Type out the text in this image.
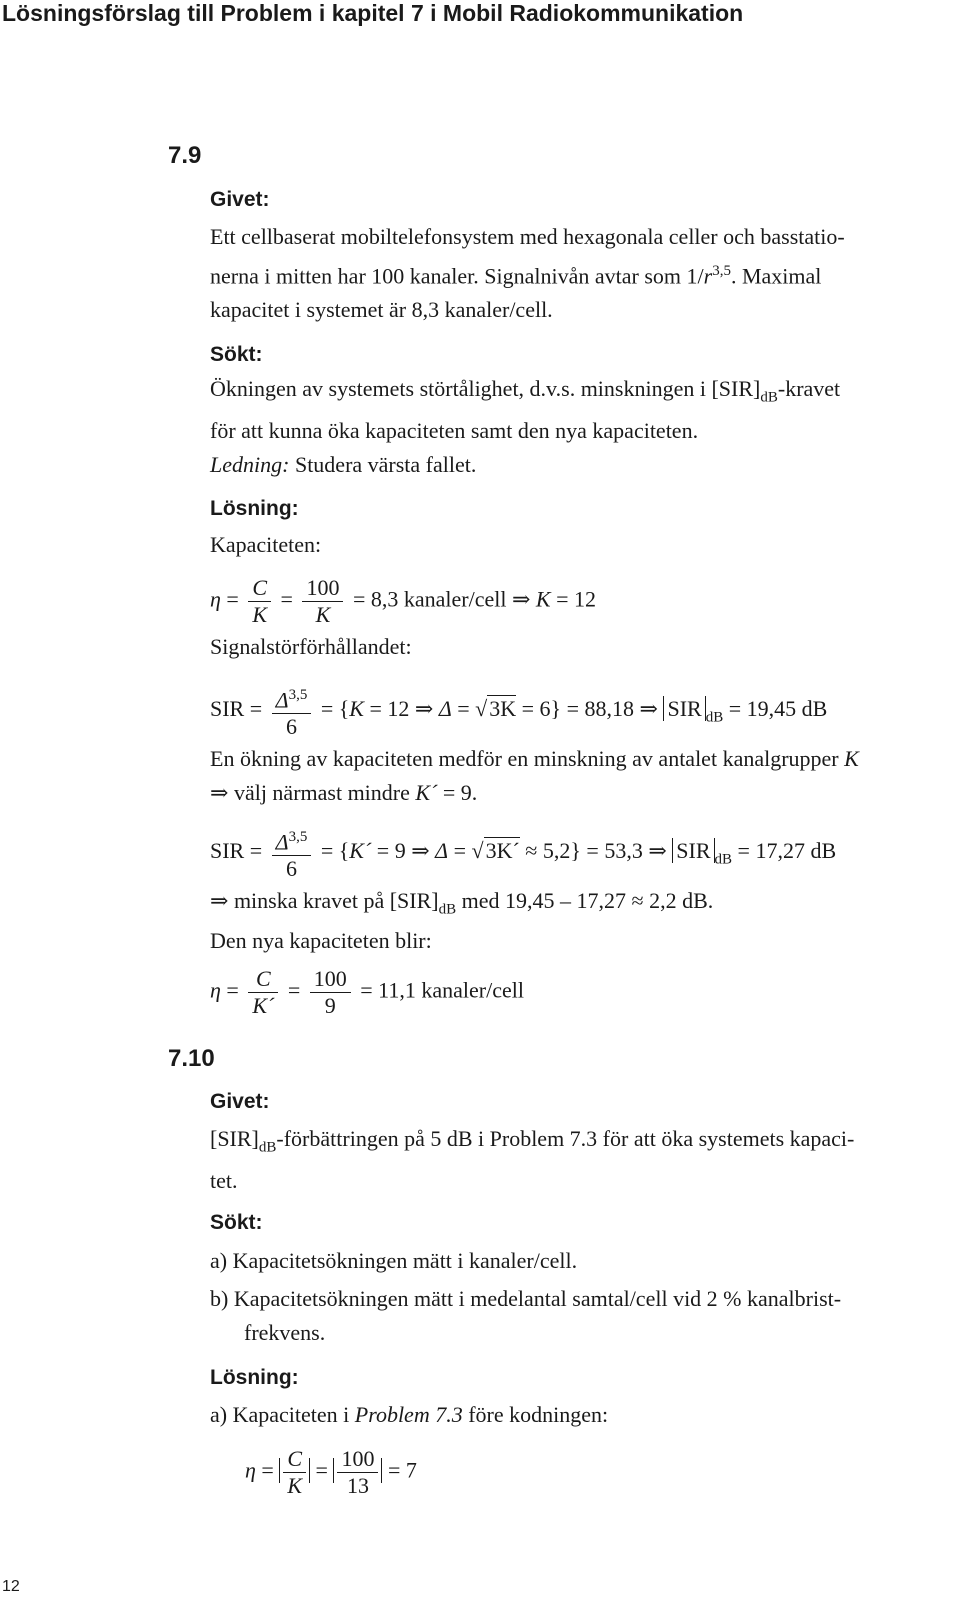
Lösningsförslag till Problem i kapitel 7 i Mobil Radiokommunikation
7.9
Givet:
Ett cellbaserat mobiltelefonsystem med hexagonala celler och basstatio-
nerna i mitten har 100 kanaler. Signalnivån avtar som $1/r^{3,5}$. Maximal
kapacitet i systemet är 8,3 kanaler/cell.
Sökt:
Ökningen av systemets störtålighet, d.v.s. minskningen i $[SIR]_{dB}$-kravet
för att kunna öka kapaciteten samt den nya kapaciteten.
Ledning: Studera värsta fallet.
Lösning:
Kapaciteten:
$\eta = \frac{C}{K} = \frac{100}{K} = 8,3$ kanaler/cell ⇒ K = 12
Signalstörförhållandet:
SIR = $\frac{\Delta^{3,5}}{6} = \{K = 12$ ⇒ Δ = √3K = 6} = 88,18 ⇒ SIR $_{dB}$ = 19,45 dB
En ökning av kapaciteten medför en minskning av antalet kanalgrupper K
⇒ välj närmast mindre K´ = 9.
SIR = $\frac{\Delta^{3,5}}{6}$ = {K´ = 9 ⇒ Δ = √3K´ ≈ 5,2} = 53,3 ⇒ SIR $_{dB}$ = 17,27 dB
⇒ minska kravet på $[SIR]_{dB}$ med 19,45 – 17,27 ≈ 2,2 dB.
Den nya kapaciteten blir:
$\eta = \frac{C}{K´} = \frac{100}{9} = 11,1$ kanaler/cell
7.10
Givet:
$[SIR]_{dB}$-förbättringen på 5 dB i Problem 7.3 för att öka systemets kapaci-
tet.
Sökt:
a) Kapacitetsökningen mätt i kanaler/cell.
b) Kapacitetsökningen mätt i medelantal samtal/cell vid 2 % kanalbrist-
frekvens.
Lösning:
a) Kapaciteten i Problem 7.3 före kodningen:
$\eta = \frac{C}{K} = \frac{100}{13} = 7$
12
